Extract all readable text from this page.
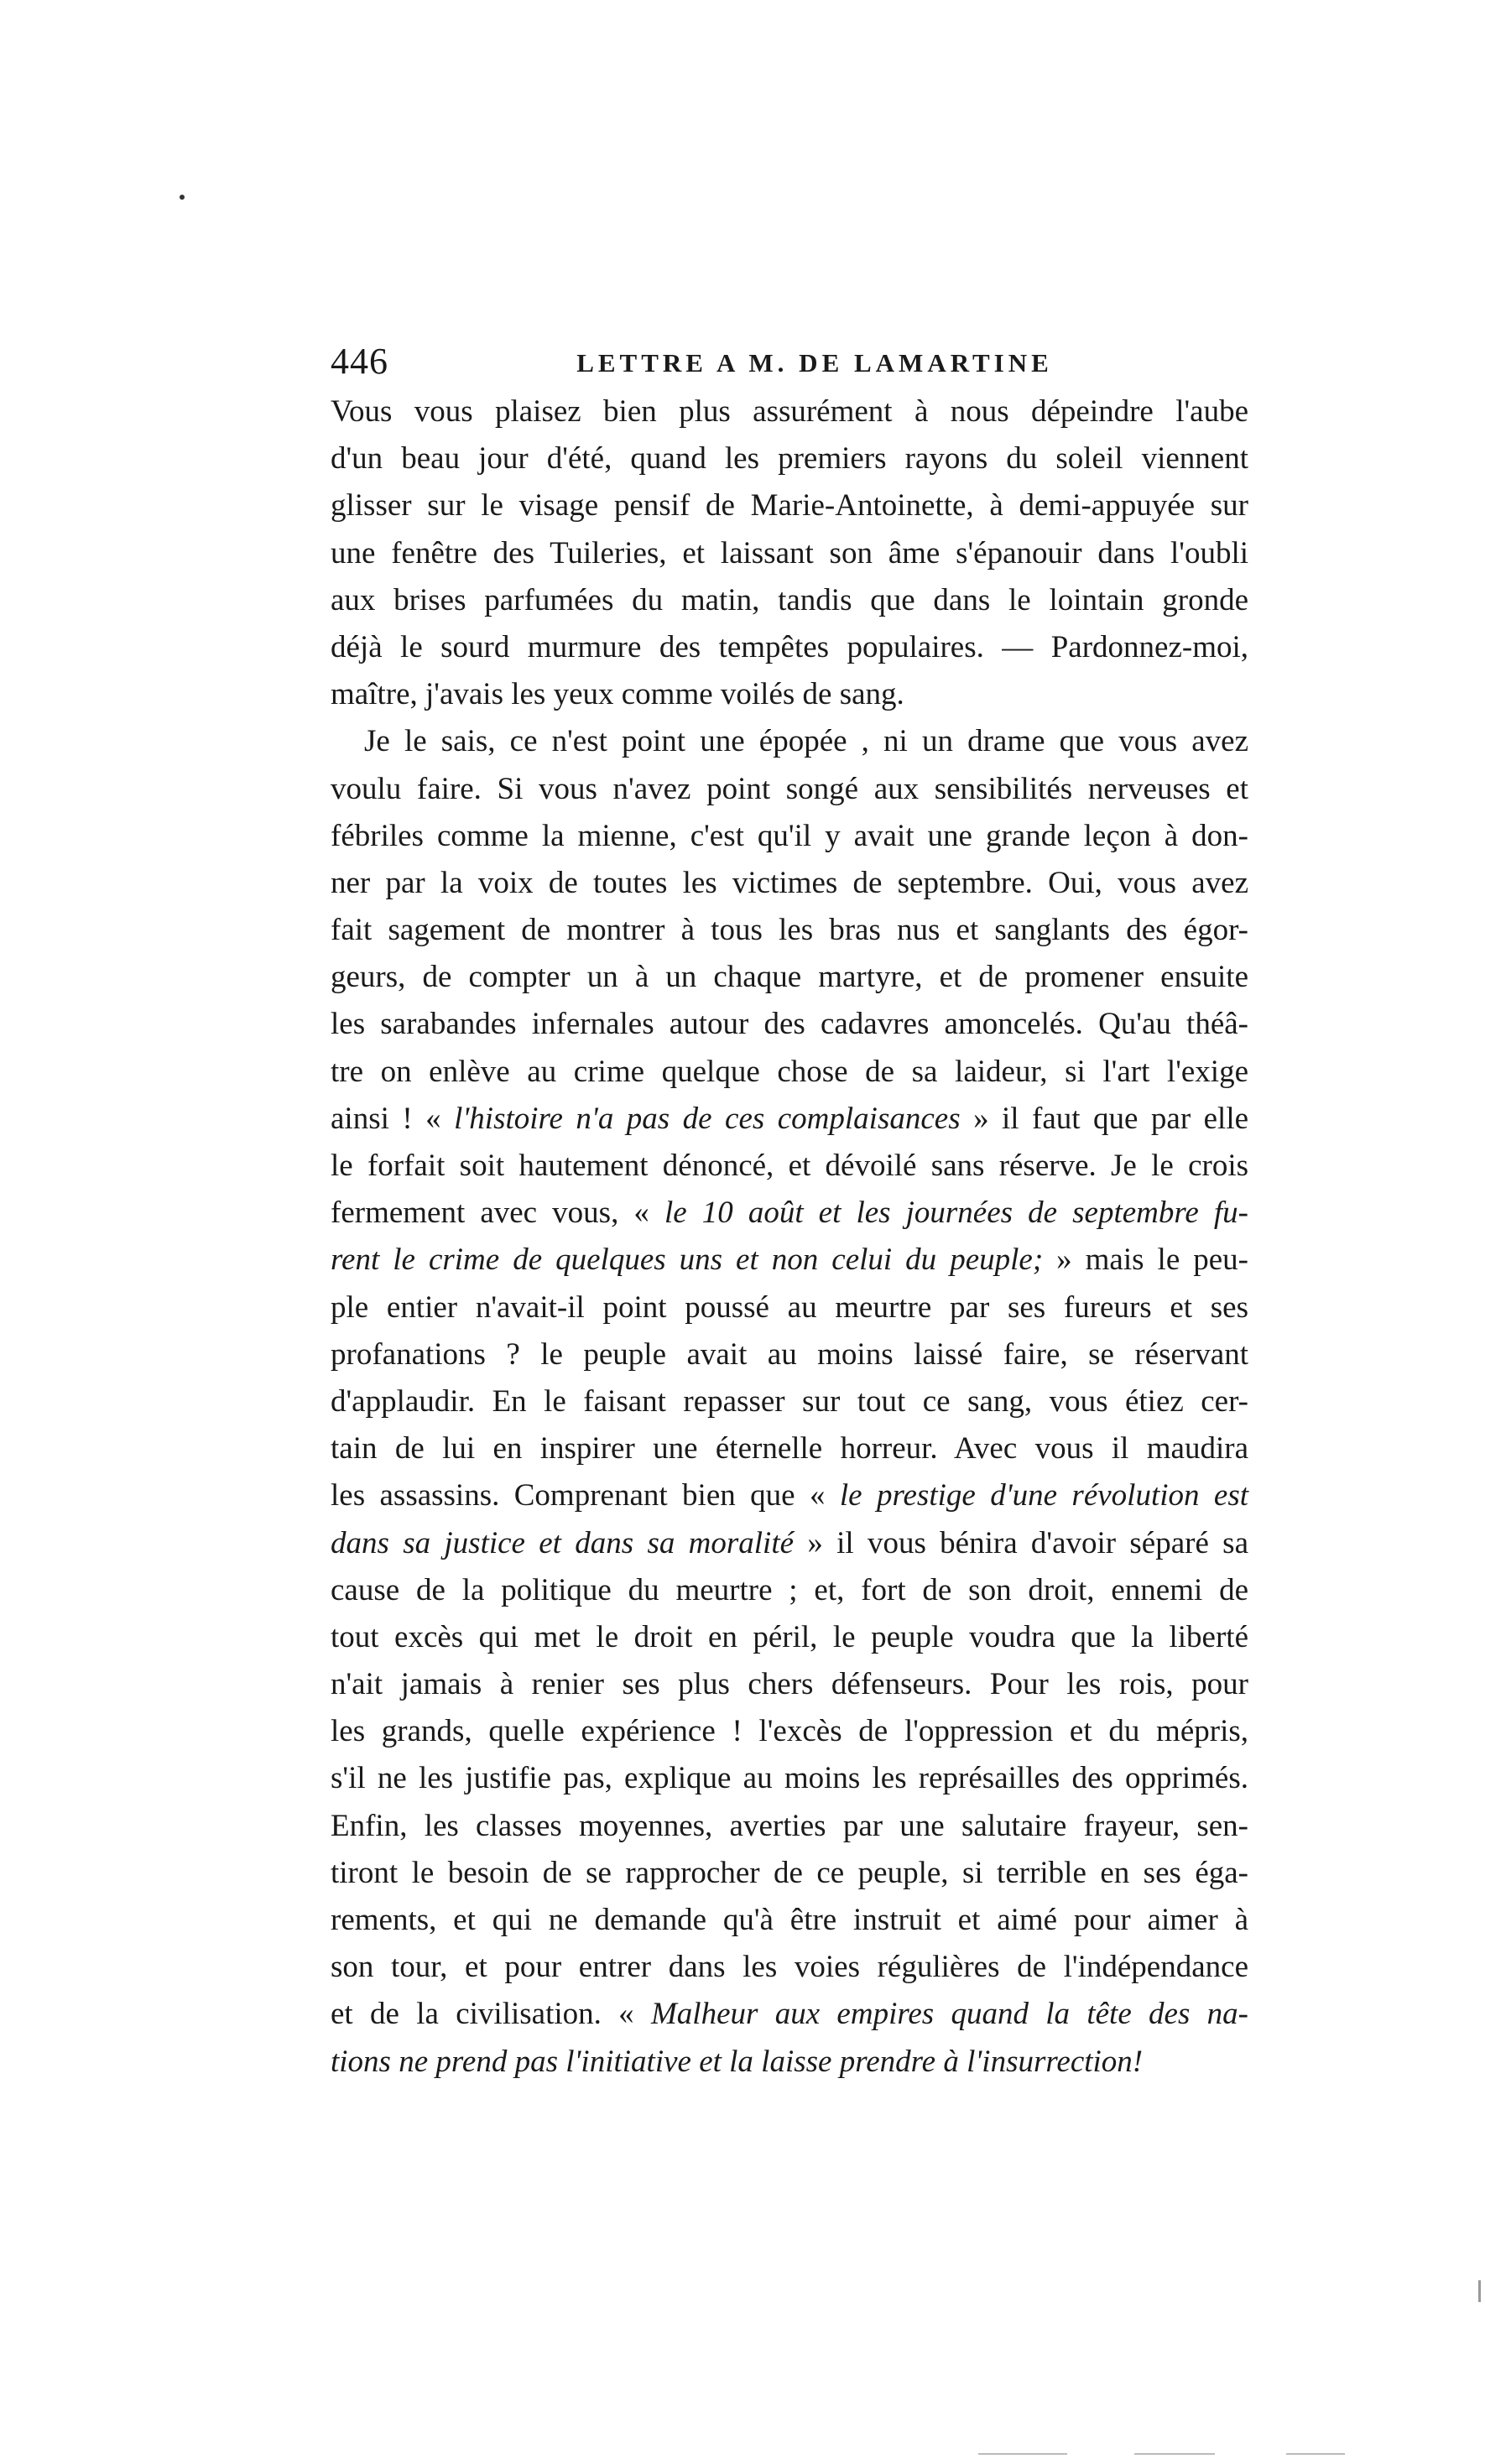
446	LETTRE A M. DE LAMARTINE
Vous vous plaisez bien plus assurément à nous dépeindre l'aube
d'un beau jour d'été, quand les premiers rayons du soleil viennent
glisser sur le visage pensif de Marie-Antoinette, à demi-appuyée sur
une fenêtre des Tuileries, et laissant son âme s'épanouir dans l'oubli
aux brises parfumées du matin, tandis que dans le lointain gronde
déjà le sourd murmure des tempêtes populaires. — Pardonnez-moi,
maître, j'avais les yeux comme voilés de sang.
Je le sais, ce n'est point une épopée , ni un drame que vous avez
voulu faire. Si vous n'avez point songé aux sensibilités nerveuses et
fébriles comme la mienne, c'est qu'il y avait une grande leçon à don-
ner par la voix de toutes les victimes de septembre. Oui, vous avez
fait sagement de montrer à tous les bras nus et sanglants des égor-
geurs, de compter un à un chaque martyre, et de promener ensuite
les sarabandes infernales autour des cadavres amoncelés. Qu'au théâ-
tre on enlève au crime quelque chose de sa laideur, si l'art l'exige
ainsi ! « l'histoire n'a pas de ces complaisances » il faut que par elle
le forfait soit hautement dénoncé, et dévoilé sans réserve. Je le crois
fermement avec vous, « le 10 août et les journées de septembre fu-
rent le crime de quelques uns et non celui du peuple; » mais le peu-
ple entier n'avait-il point poussé au meurtre par ses fureurs et ses
profanations ? le peuple avait au moins laissé faire, se réservant
d'applaudir. En le faisant repasser sur tout ce sang, vous étiez cer-
tain de lui en inspirer une éternelle horreur. Avec vous il maudira
les assassins. Comprenant bien que « le prestige d'une révolution est
dans sa justice et dans sa moralité » il vous bénira d'avoir séparé sa
cause de la politique du meurtre ; et, fort de son droit, ennemi de
tout excès qui met le droit en péril, le peuple voudra que la liberté
n'ait jamais à renier ses plus chers défenseurs. Pour les rois, pour
les grands, quelle expérience ! l'excès de l'oppression et du mépris,
s'il ne les justifie pas, explique au moins les représailles des opprimés.
Enfin, les classes moyennes, averties par une salutaire frayeur, sen-
tiront le besoin de se rapprocher de ce peuple, si terrible en ses éga-
rements, et qui ne demande qu'à être instruit et aimé pour aimer à
son tour, et pour entrer dans les voies régulières de l'indépendance
et de la civilisation. « Malheur aux empires quand la tête des na-
tions ne prend pas l'initiative et la laisse prendre à l'insurrection!
